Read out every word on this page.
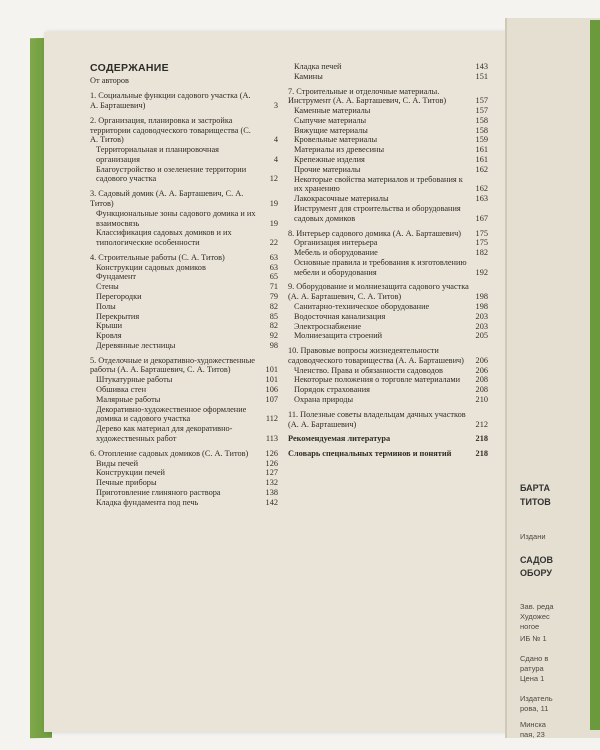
СОДЕРЖАНИЕ
От авторов
1. Социальные функции садового участка (А. А. Барташевич)	3
2. Организация, планировка и застройка территории садоводческого товарищества (С. А. Титов)	4
Территориальная и планировочная организация	4
Благоустройство и озеленение территории садового участка	12
3. Садовый домик (А. А. Барташевич, С. А. Титов)	19
Функциональные зоны садового домика и их взаимосвязь	19
Классификация садовых домиков и их типологические особенности	22
4. Строительные работы (С. А. Титов)	63
Конструкции садовых домиков	63
Фундамент	65
Стены	71
Перегородки	79
Полы	82
Перекрытия	85
Крыши	82
Кровля	92
Деревянные лестницы	98
5. Отделочные и декоративно-художественные работы (А. А. Барташевич, С. А. Титов)	101
Штукатурные работы	101
Обшивка стен	106
Малярные работы	107
Декоративно-художественное оформление домика и садового участка	112
Дерево как материал для декоративно-художественных работ	113
6. Отопление садовых домиков (С. А. Титов)	126
Виды печей	126
Конструкции печей	127
Печные приборы	132
Приготовление глиняного раствора	138
Кладка фундамента под печь	142
Кладка печей	143
Камины	151
7. Строительные и отделочные материалы. Инструмент (А. А. Барташевич, С. А. Титов)	157
Каменные материалы	157
Сыпучие материалы	158
Вяжущие материалы	158
Кровельные материалы	159
Материалы из древесины	161
Крепежные изделия	161
Прочие материалы	162
Некоторые свойства материалов и требования к их хранению	162
Лакокрасочные материалы	163
Инструмент для строительства и оборудования садовых домиков	167
8. Интерьер садового домика (А. А. Барташевич)	175
Организация интерьера	175
Мебель и оборудование	182
Основные правила и требования к изготовлению мебели и оборудования	192
9. Оборудование и молниезащита садового участка (А. А. Барташевич, С. А. Титов)	198
Санитарно-техническое оборудование	198
Водосточная канализация	203
Электроснабжение	203
Молниезащита строений	205
10. Правовые вопросы жизнедеятельности садоводческого товарищества (А. А. Барташевич)	206
Членство. Права и обязанности садоводов	206
Некоторые положения о торговле материалами	208
Порядок страхования	208
Охрана природы	210
11. Полезные советы владельцам дачных участков (А. А. Барташевич)	212
Рекомендуемая литература	218
Словарь специальных терминов и понятий	218
БАРТА
ТИТОВ
Издани
САДОВ
ОБОРУ
Зав. реда
Художес
ногое
ИБ № 1
Сдано в
ратура
Цена 1
Издатель
рова, 11
Минска
пая, 23
